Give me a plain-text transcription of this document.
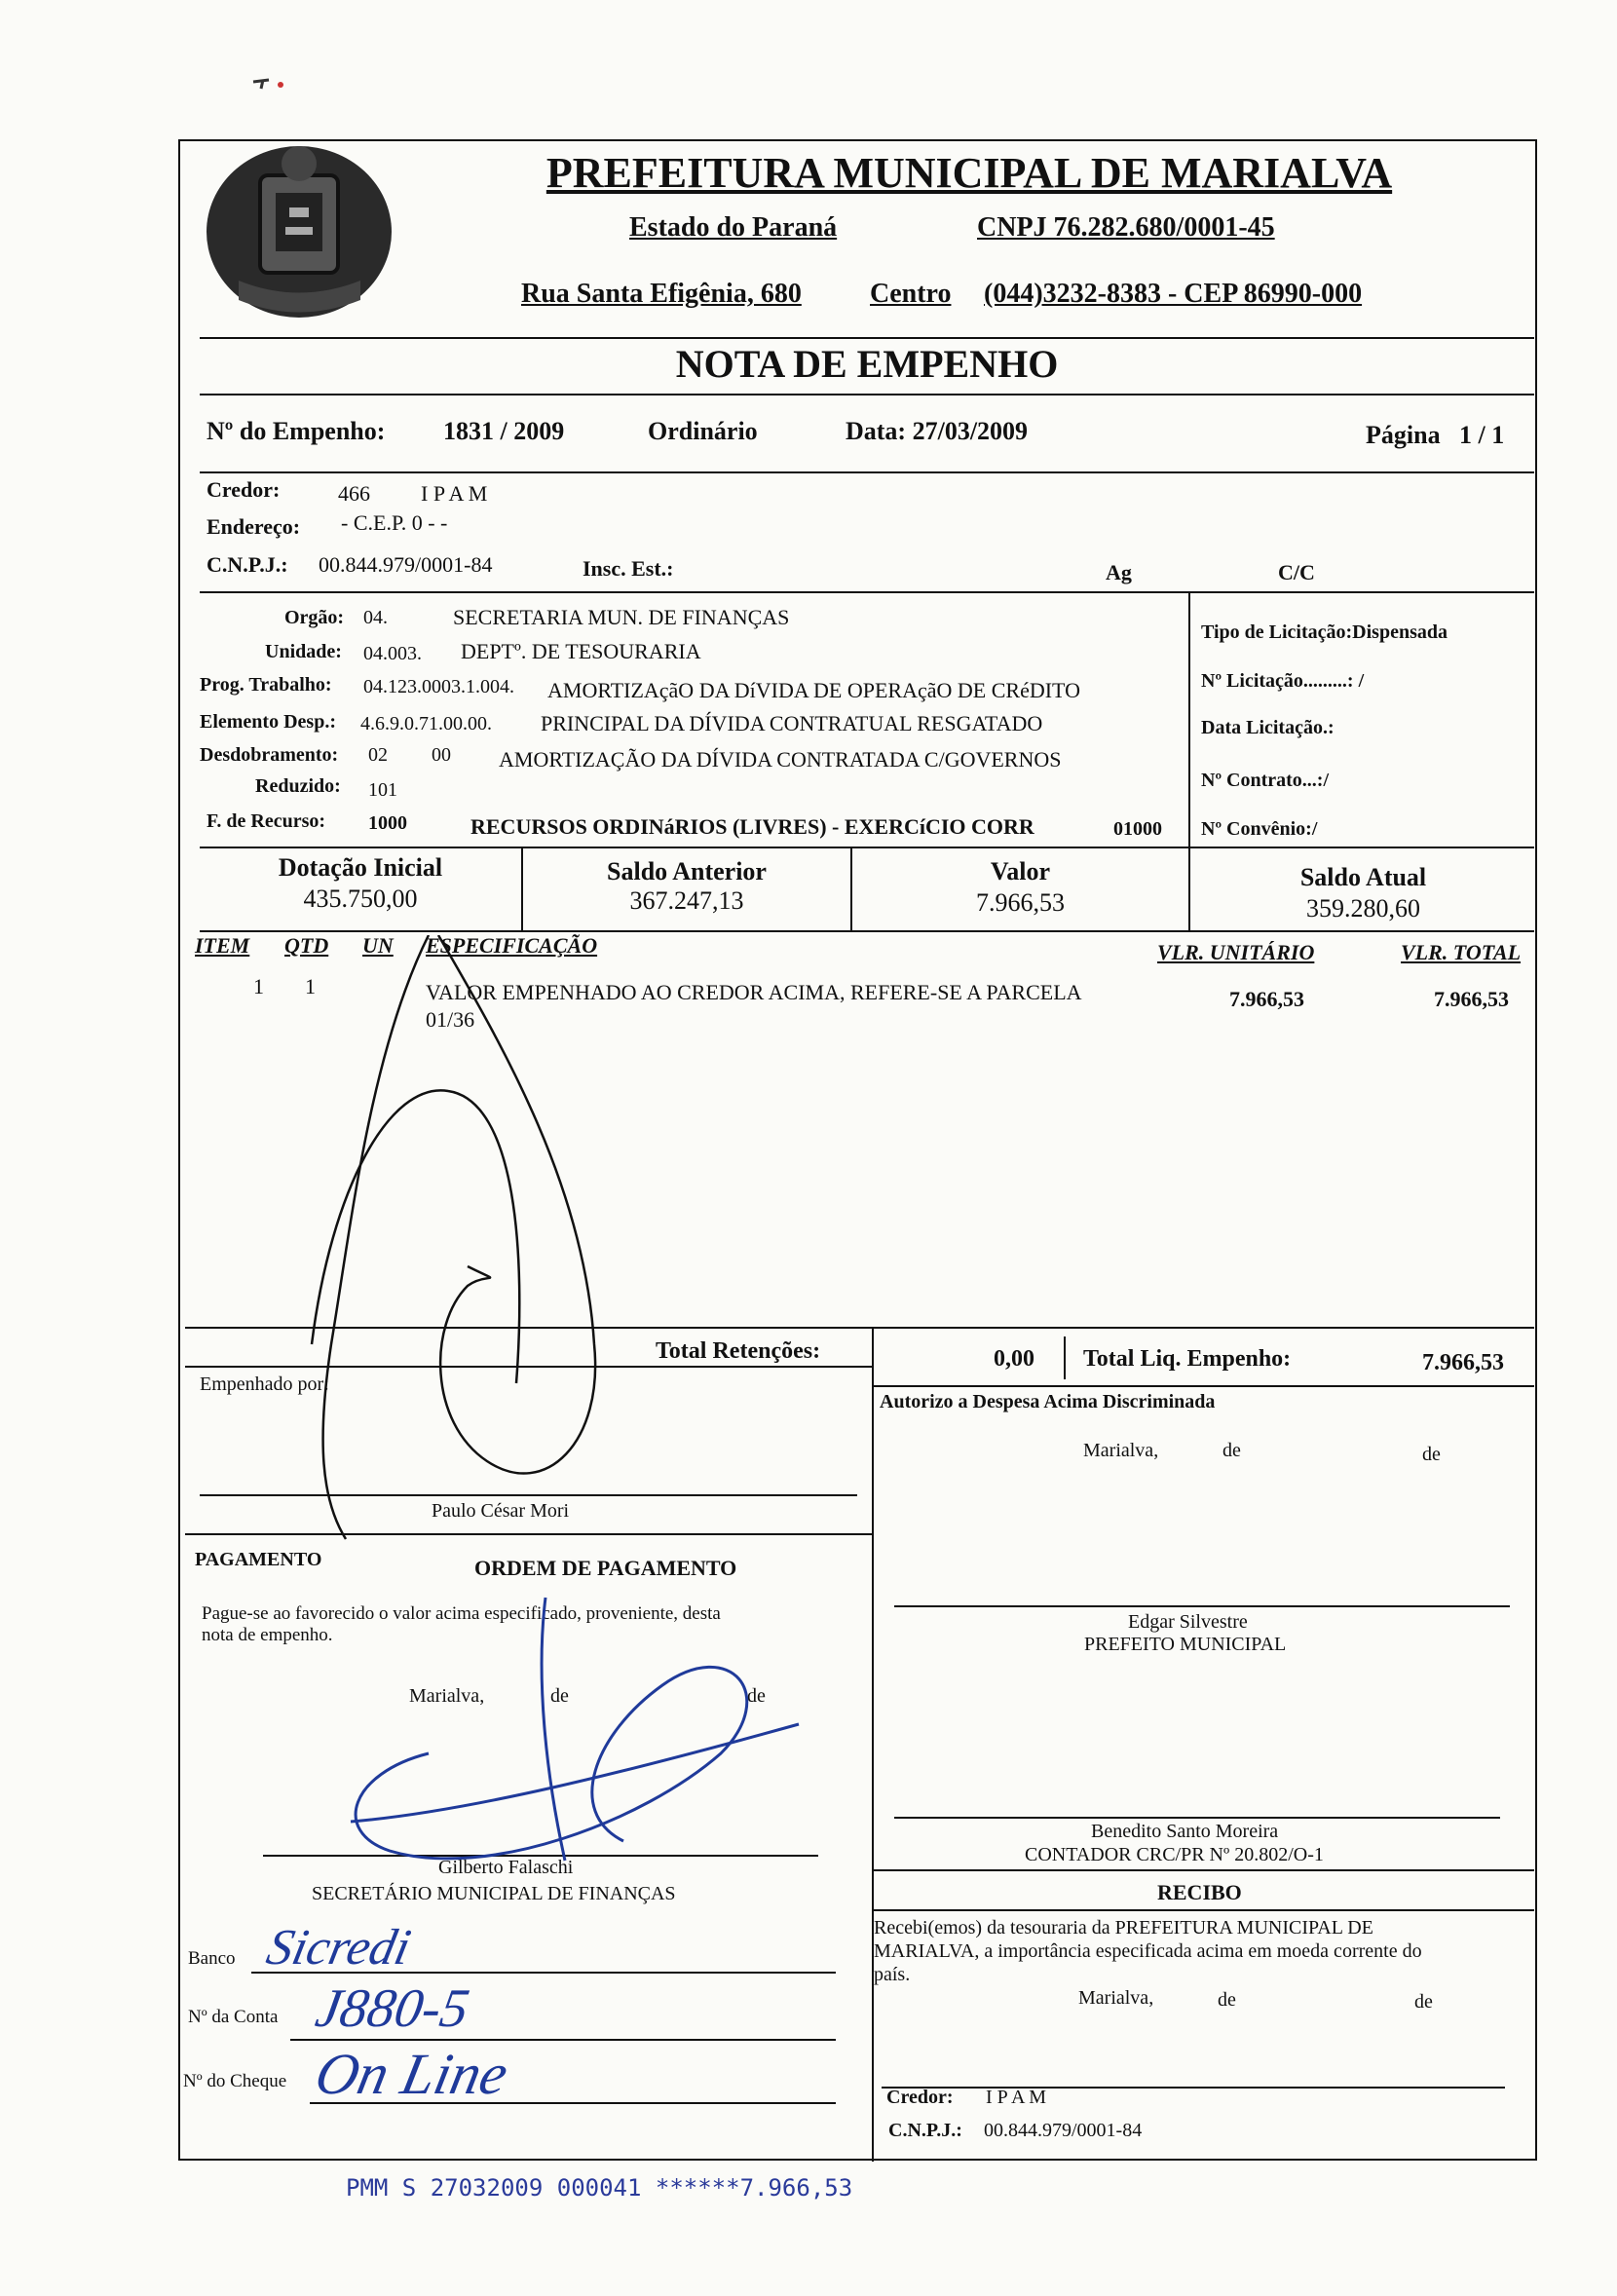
PREFEITURA MUNICIPAL DE MARIALVA
Estado do Paraná	CNPJ 76.282.680/0001-45
Rua Santa Efigênia, 680	Centro (044)3232-8383 - CEP 86990-000
NOTA DE EMPENHO
Nº do Empenho: 1831 / 2009	Ordinário	Data: 27/03/2009	Página 1 / 1
Credor:	466 I P A M
Endereço: - C.E.P. 0 - -
C.N.P.J.: 00.844.979/0001-84	Insc. Est.:	Ag	C/C
Orgão: 04.	SECRETARIA MUN. DE FINANÇAS
Unidade: 04.003. DEPTº. DE TESOURARIA
Prog. Trabalho: 04.123.0003.1.004. AMORTIZAçãO DA DíVIDA DE OPERAçãO DE CRéDITO
Elemento Desp.: 4.6.9.0.71.00.00. PRINCIPAL DA DÍVIDA CONTRATUAL RESGATADO
Desdobramento: 02 00 AMORTIZAÇÃO DA DÍVIDA CONTRATADA C/GOVERNOS
Reduzido: 101
F. de Recurso: 1000	RECURSOS ORDINáRIOS (LIVRES) - EXERCíCIO CORR	01000
Tipo de Licitação:Dispensada
Nº Licitação.........: /
Data Licitação.:
Nº Contrato...:/
Nº Convênio:/
Dotação Inicial
435.750,00
Saldo Anterior
367.247,13
Valor
7.966,53
Saldo Atual
359.280,60
ITEM QTD UN ESPECIFICAÇÃO	VLR. UNITÁRIO	VLR. TOTAL
1 1	VALOR EMPENHADO AO CREDOR ACIMA, REFERE-SE A PARCELA
01/36
7.966,53	7.966,53
Total Retenções:	0,00 Total Liq. Empenho:	7.966,53
Empenhado por:
Paulo César Mori
Autorizo a Despesa Acima Discriminada
Marialva,	de	de
Edgar Silvestre
PREFEITO MUNICIPAL
Benedito Santo Moreira
CONTADOR CRC/PR Nº 20.802/O-1
PAGAMENTO	ORDEM DE PAGAMENTO
Pague-se ao favorecido o valor acima especificado, proveniente, desta
nota de empenho.
Marialva,	de	de
Gilberto Falaschi
SECRETÁRIO MUNICIPAL DE FINANÇAS
Banco Sicredi
Nº da Conta J880-5
Nº do Cheque On Line
RECIBO
Recebi(emos) da tesouraria da PREFEITURA MUNICIPAL DE
MARIALVA, a importância especificada acima em moeda corrente do
país.
Marialva,	de	de
Credor: I P A M
C.N.P.J.: 00.844.979/0001-84
PMM S 27032009 000041 ******7.966,53
